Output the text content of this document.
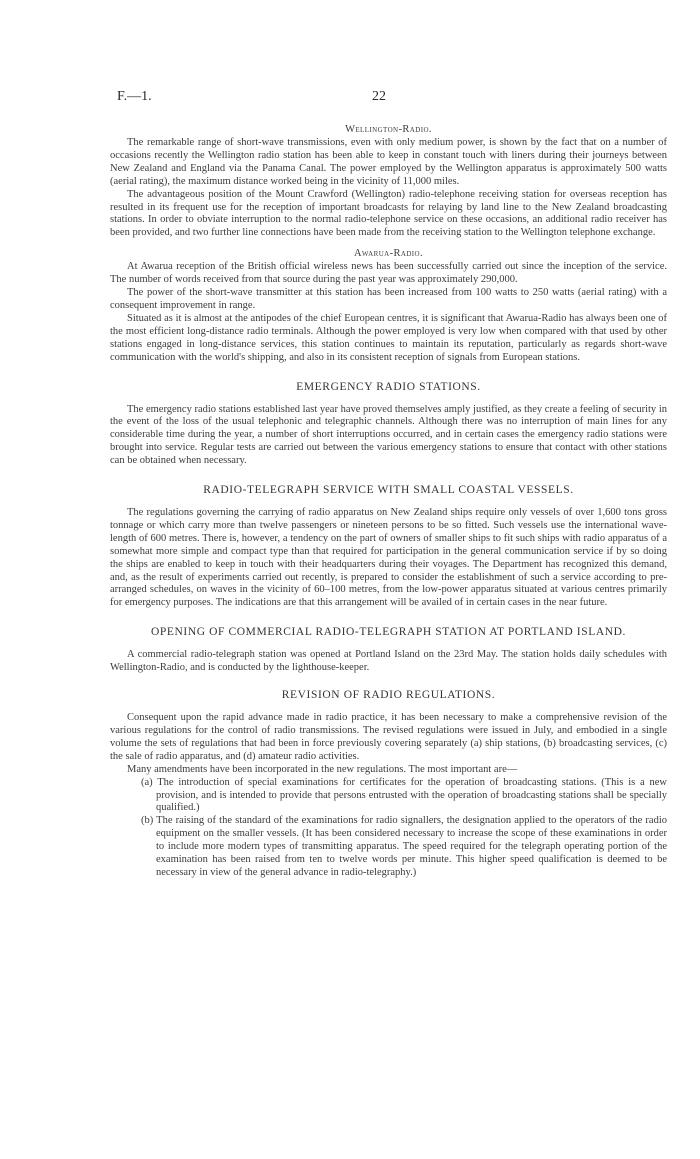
F.—1.	22
Wellington-Radio.

The remarkable range of short-wave transmissions, even with only medium power, is shown by the fact that on a number of occasions recently the Wellington radio station has been able to keep in constant touch with liners during their journeys between New Zealand and England via the Panama Canal. The power employed by the Wellington apparatus is approximately 500 watts (aerial rating), the maximum distance worked being in the vicinity of 11,000 miles.

The advantageous position of the Mount Crawford (Wellington) radio-telephone receiving station for overseas reception has resulted in its frequent use for the reception of important broadcasts for relaying by land line to the New Zealand broadcasting stations. In order to obviate interruption to the normal radio-telephone service on these occasions, an additional radio receiver has been provided, and two further line connections have been made from the receiving station to the Wellington telephone exchange.

Awarua-Radio.

At Awarua reception of the British official wireless news has been successfully carried out since the inception of the service. The number of words received from that source during the past year was approximately 290,000.

The power of the short-wave transmitter at this station has been increased from 100 watts to 250 watts (aerial rating) with a consequent improvement in range.

Situated as it is almost at the antipodes of the chief European centres, it is significant that Awarua-Radio has always been one of the most efficient long-distance radio terminals. Although the power employed is very low when compared with that used by other stations engaged in long-distance services, this station continues to maintain its reputation, particularly as regards short-wave communication with the world's shipping, and also in its consistent reception of signals from European stations.

EMERGENCY RADIO STATIONS.

The emergency radio stations established last year have proved themselves amply justified, as they create a feeling of security in the event of the loss of the usual telephonic and telegraphic channels. Although there was no interruption of main lines for any considerable time during the year, a number of short interruptions occurred, and in certain cases the emergency radio stations were brought into service. Regular tests are carried out between the various emergency stations to ensure that contact with other stations can be obtained when necessary.

RADIO-TELEGRAPH SERVICE WITH SMALL COASTAL VESSELS.

The regulations governing the carrying of radio apparatus on New Zealand ships require only vessels of over 1,600 tons gross tonnage or which carry more than twelve passengers or nineteen persons to be so fitted. Such vessels use the international wave-length of 600 metres. There is, however, a tendency on the part of owners of smaller ships to fit such ships with radio apparatus of a somewhat more simple and compact type than that required for participation in the general communication service if by so doing the ships are enabled to keep in touch with their headquarters during their voyages. The Department has recognized this demand, and, as the result of experiments carried out recently, is prepared to consider the establishment of such a service according to pre-arranged schedules, on waves in the vicinity of 60–100 metres, from the low-power apparatus situated at various centres primarily for emergency purposes. The indications are that this arrangement will be availed of in certain cases in the near future.

OPENING OF COMMERCIAL RADIO-TELEGRAPH STATION AT PORTLAND ISLAND.

A commercial radio-telegraph station was opened at Portland Island on the 23rd May. The station holds daily schedules with Wellington-Radio, and is conducted by the lighthouse-keeper.

REVISION OF RADIO REGULATIONS.

Consequent upon the rapid advance made in radio practice, it has been necessary to make a comprehensive revision of the various regulations for the control of radio transmissions. The revised regulations were issued in July, and embodied in a single volume the sets of regulations that had been in force previously covering separately (a) ship stations, (b) broadcasting services, (c) the sale of radio apparatus, and (d) amateur radio activities.

Many amendments have been incorporated in the new regulations. The most important are—

(a) The introduction of special examinations for certificates for the operation of broadcasting stations. (This is a new provision, and is intended to provide that persons entrusted with the operation of broadcasting stations shall be specially qualified.)

(b) The raising of the standard of the examinations for radio signallers, the designation applied to the operators of the radio equipment on the smaller vessels. (It has been considered necessary to increase the scope of these examinations in order to include more modern types of transmitting apparatus. The speed required for the telegraph operating portion of the examination has been raised from ten to twelve words per minute. This higher speed qualification is deemed to be necessary in view of the general advance in radio-telegraphy.)
